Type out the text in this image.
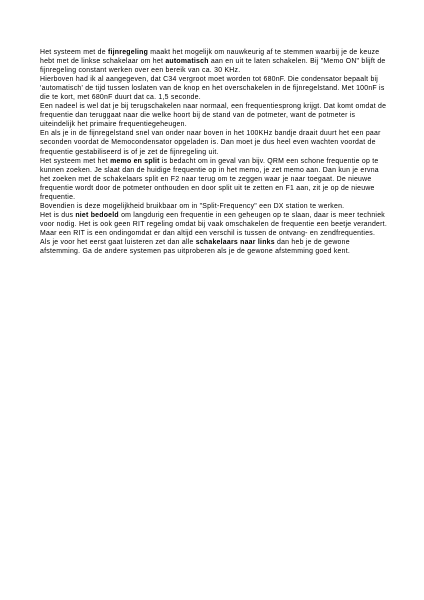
Het systeem met de fijnregeling maakt het mogelijk om nauwkeurig af te stemmen waarbij je de keuze hebt met de linkse schakelaar om het automatisch aan en uit te laten schakelen. Bij "Memo ON" blijft de fijnregeling constant werken over een bereik van ca. 30 KHz.

Hierboven had ik al aangegeven, dat C34 vergroot moet worden tot 680nF. Die condensator bepaalt bij 'automatisch' de tijd tussen loslaten van de knop en het overschakelen in de fijnregelstand. Met 100nF is die te kort, met 680nF duurt dat ca. 1,5 seconde.

Een nadeel is wel dat je bij terugschakelen naar normaal, een frequentiesprong krijgt. Dat komt omdat de frequentie dan teruggaat naar die welke hoort bij de stand van de potmeter, want de potmeter is uiteindelijk het primaire frequentiegeheugen.

En als je in de fijnregelstand snel van onder naar boven in het 100KHz bandje draait duurt het een paar seconden voordat de Memocondensator opgeladen is. Dan moet je dus heel even wachten voordat de frequentie gestabiliseerd is of je zet de fijnregeling uit.

Het systeem met het memo en split is bedacht om in geval van bijv. QRM een schone frequentie op te kunnen zoeken. Je slaat dan de huidige frequentie op in het memo, je zet memo aan. Dan kun je ervna het zoeken met de schakelaars split en F2 naar terug om te zeggen waar je naar toegaat. De nieuwe frequentie wordt door de potmeter onthouden en door split uit te zetten en F1 aan, zit je op de nieuwe frequentie.

Bovendien is deze mogelijkheid bruikbaar om in "Split-Frequency" een DX station te werken.

Het is dus niet bedoeld om langdurig een frequentie in een geheugen op te slaan, daar is meer techniek voor nodig. Het is ook geen RIT regeling omdat bij vaak omschakelen de frequentie een beetje verandert. Maar een RIT is een ondingomdat er dan altijd een verschil is tussen de ontvang- en zendfrequenties.

Als je voor het eerst gaat luisteren zet dan alle schakelaars naar links dan heb je de gewone afstemming. Ga de andere systemen pas uitproberen als je de gewone afstemming goed kent.
